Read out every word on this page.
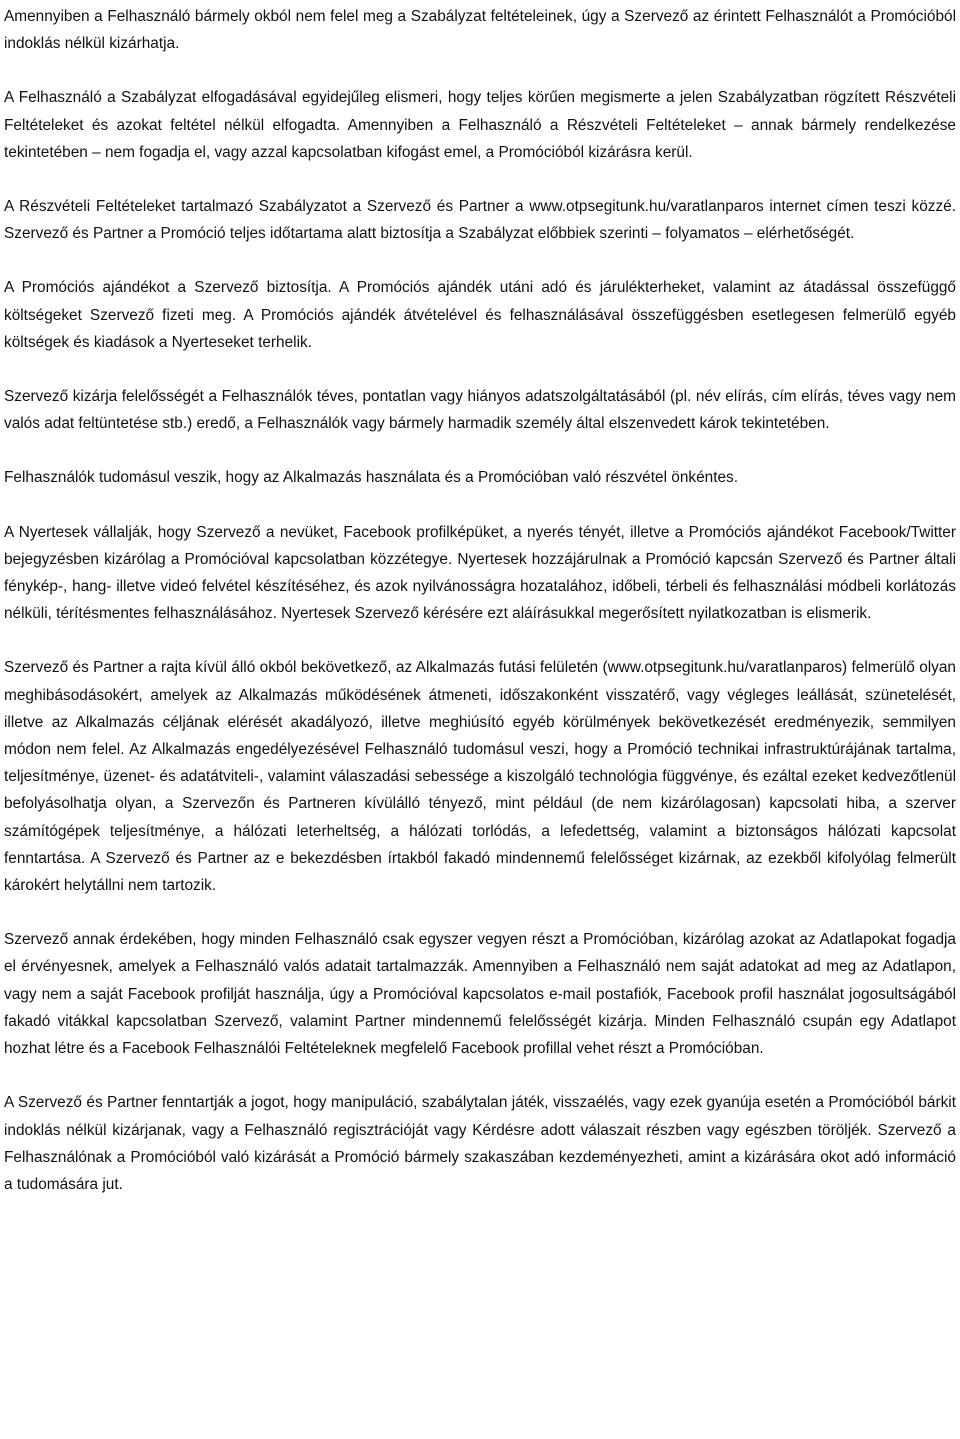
Amennyiben a Felhasználó bármely okból nem felel meg a Szabályzat feltételeinek, úgy a Szervező az érintett Felhasználót a Promócióból indoklás nélkül kizárhatja.

A Felhasználó a Szabályzat elfogadásával egyidejűleg elismeri, hogy teljes körűen megismerte a jelen Szabályzatban rögzített Részvételi Feltételeket és azokat feltétel nélkül elfogadta. Amennyiben a Felhasználó a Részvételi Feltételeket – annak bármely rendelkezése tekintetében – nem fogadja el, vagy azzal kapcsolatban kifogást emel, a Promócióból kizárásra kerül.

A Részvételi Feltételeket tartalmazó Szabályzatot a Szervező és Partner a www.otpsegitunk.hu/varatlanparos internet címen teszi közzé. Szervező és Partner a Promóció teljes időtartama alatt biztosítja a Szabályzat előbbiek szerinti – folyamatos – elérhetőségét.

A Promóciós ajándékot a Szervező biztosítja. A Promóciós ajándék utáni adó és járulékterheket, valamint az átadással összefüggő költségeket Szervező fizeti meg. A Promóciós ajándék átvételével és felhasználásával összefüggésben esetlegesen felmerülő egyéb költségek és kiadások a Nyerteseket terhelik.

Szervező kizárja felelősségét a Felhasználók téves, pontatlan vagy hiányos adatszolgáltatásából (pl. név elírás, cím elírás, téves vagy nem valós adat feltüntetése stb.) eredő, a Felhasználók vagy bármely harmadik személy által elszenvedett károk tekintetében.

Felhasználók tudomásul veszik, hogy az Alkalmazás használata és a Promócióban való részvétel önkéntes.

A Nyertesek vállalják, hogy Szervező a nevüket, Facebook profilképüket, a nyerés tényét, illetve a Promóciós ajándékot Facebook/Twitter bejegyzésben kizárólag a Promócióval kapcsolatban közzétegye. Nyertesek hozzájárulnak a Promóció kapcsán Szervező és Partner általi fénykép-, hang- illetve videó felvétel készítéséhez, és azok nyilvánosságra hozatalához, időbeli, térbeli és felhasználási módbeli korlátozás nélküli, térítésmentes felhasználásához. Nyertesek Szervező kérésére ezt aláírásukkal megerősített nyilatkozatban is elismerik.

Szervező és Partner a rajta kívül álló okból bekövetkező, az Alkalmazás futási felületén (www.otpsegitunk.hu/varatlanparos) felmerülő olyan meghibásodásokért, amelyek az Alkalmazás működésének átmeneti, időszakonként visszatérő, vagy végleges leállását, szünetelését, illetve az Alkalmazás céljának elérését akadályozó, illetve meghiúsító egyéb körülmények bekövetkezését eredményezik, semmilyen módon nem felel. Az Alkalmazás engedélyezésével Felhasználó tudomásul veszi, hogy a Promóció technikai infrastruktúrájának tartalma, teljesítménye, üzenet- és adatátviteli-, valamint válaszadási sebessége a kiszolgáló technológia függvénye, és ezáltal ezeket kedvezőtlenül befolyásolhatja olyan, a Szervezőn és Partneren kívülálló tényező, mint például (de nem kizárólagosan) kapcsolati hiba, a szerver számítógépek teljesítménye, a hálózati leterheltség, a hálózati torlódás, a lefedettség, valamint a biztonságos hálózati kapcsolat fenntartása. A Szervező és Partner az e bekezdésben írtakból fakadó mindennemű felelősséget kizárnak, az ezekből kifolyólag felmerült károkért helytállni nem tartozik.

Szervező annak érdekében, hogy minden Felhasználó csak egyszer vegyen részt a Promócióban, kizárólag azokat az Adatlapokat fogadja el érvényesnek, amelyek a Felhasználó valós adatait tartalmazzák. Amennyiben a Felhasználó nem saját adatokat ad meg az Adatlapon, vagy nem a saját Facebook profilját használja, úgy a Promócióval kapcsolatos e-mail postafiók, Facebook profil használat jogosultságából fakadó vitákkal kapcsolatban Szervező, valamint Partner mindennemű felelősségét kizárja. Minden Felhasználó csupán egy Adatlapot hozhat létre és a Facebook Felhasználói Feltételeknek megfelelő Facebook profillal vehet részt a Promócióban.

A Szervező és Partner fenntartják a jogot, hogy manipuláció, szabálytalan játék, visszaélés, vagy ezek gyanúja esetén a Promócióból bárkit indoklás nélkül kizárjanak, vagy a Felhasználó regisztrációját vagy Kérdésre adott válaszait részben vagy egészben töröljék. Szervező a Felhasználónak a Promócióból való kizárását a Promóció bármely szakaszában kezdeményezheti, amint a kizárására okot adó információ a tudomására jut.
